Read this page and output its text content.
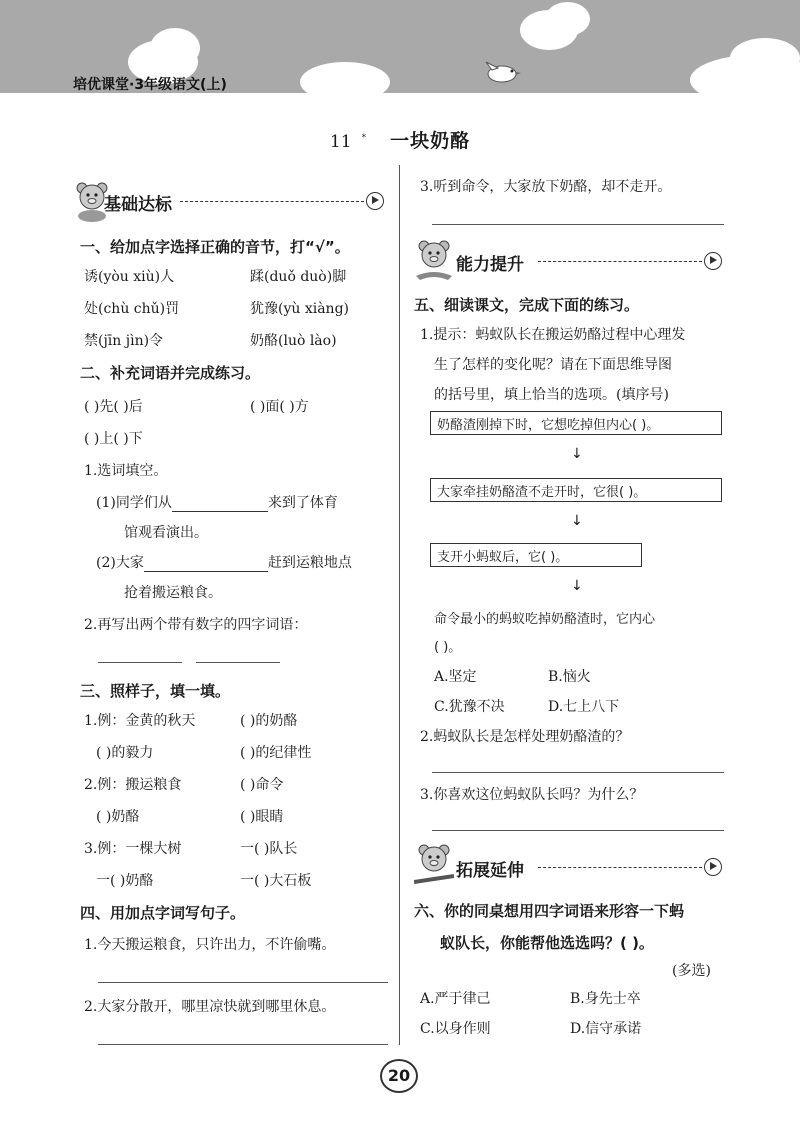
培优课堂·3年级语文(上)
11 * 一块奶酪
基础达标
一、给加点字选择正确的音节，打“√”。
诱(yòu xiù)人	蹂(duǒ duò)脚
处(chù chǔ)罚	犹豫(yù xiàng)
禁(jīn jìn)令	奶酪(luò lào)
二、补充词语并完成练习。
( )先( )后	( )面( )方
( )上( )下
1.选词填空。
(1)同学们从	来到了体育
馆观看演出。
(2)大家	赶到运粮地点
抢着搬运粮食。
2.再写出两个带有数字的四字词语：
三、照样子，填一填。
1.例：金黄的秋天	( )的奶酪
( )的毅力	( )的纪律性
2.例：搬运粮食	( )命令
( )奶酪	( )眼睛
3.例：一棵大树	一( )队长
一( )奶酪	一( )大石板
四、用加点字词写句子。
1.今天搬运粮食，只许出力，不许偷嘴。
2.大家分散开，哪里凉快就到哪里休息。
3.听到命令，大家放下奶酪，却不走开。
能力提升
五、细读课文，完成下面的练习。
1.提示：蚂蚁队长在搬运奶酪过程中心理发
生了怎样的变化呢？请在下面思维导图
的括号里，填上恰当的选项。(填序号)
奶酪渣刚掉下时，它想吃掉但内心( )。
↓
大家牵挂奶酪渣不走开时，它很( )。
↓
支开小蚂蚁后，它( )。
↓
命令最小的蚂蚁吃掉奶酪渣时，它内心
( )。
A.坚定	B.恼火
C.犹豫不决	D.七上八下
2.蚂蚁队长是怎样处理奶酪渣的？
3.你喜欢这位蚂蚁队长吗？为什么？
拓展延伸
六、你的同桌想用四字词语来形容一下蚂
蚁队长，你能帮他选选吗？( )。
(多选)
A.严于律己	B.身先士卒
C.以身作则	D.信守承诺
20
